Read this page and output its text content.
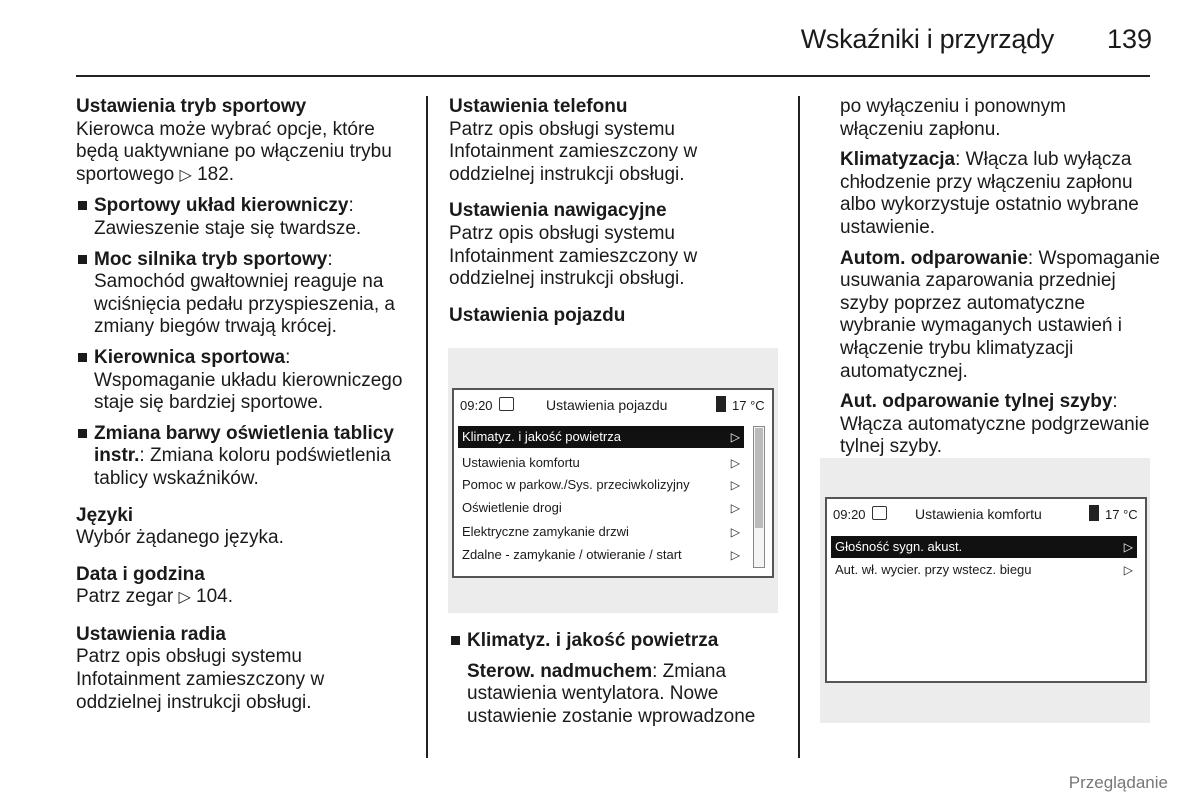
Wskaźniki i przyrządy 139

Ustawienia tryb sportowy

Kierowca może wybrać opcje, które będą uaktywniane po włączeniu trybu sportowego ▷ 182.

Sportowy układ kierowniczy: Zawieszenie staje się twardsze.
Moc silnika tryb sportowy: Samochód gwałtowniej reaguje na wciśnięcia pedału przyspieszenia, a zmiany biegów trwają krócej.
Kierownica sportowa: Wspomaganie układu kierowniczego staje się bardziej sportowe.
Zmiana barwy oświetlenia tablicy instr.: Zmiana koloru podświetlenia tablicy wskaźników.

Języki

Wybór żądanego języka.

Data i godzina

Patrz zegar ▷ 104.

Ustawienia radia

Patrz opis obsługi systemu Infotainment zamieszczony w oddzielnej instrukcji obsługi.

Ustawienia telefonu

Patrz opis obsługi systemu Infotainment zamieszczony w oddzielnej instrukcji obsługi.

Ustawienia nawigacyjne

Patrz opis obsługi systemu Infotainment zamieszczony w oddzielnej instrukcji obsługi.

Ustawienia pojazdu

09:20	Ustawienia pojazdu	17 °C
Klimatyz. i jakość powietrza	▷
Ustawienia komfortu	▷
Pomoc w parkow./Sys. przeciwkolizyjny	▷
Oświetlenie drogi	▷
Elektryczne zamykanie drzwi	▷
Zdalne - zamykanie / otwieranie / start	▷
Klimatyz. i jakość powietrza

Sterow. nadmuchem: Zmiana ustawienia wentylatora. Nowe ustawienie zostanie wprowadzone

po wyłączeniu i ponownym włączeniu zapłonu.

Klimatyzacja: Włącza lub wyłącza chłodzenie przy włączeniu zapłonu albo wykorzystuje ostatnio wybrane ustawienie.

Autom. odparowanie: Wspomaganie usuwania zaparowania przedniej szyby poprzez automatyczne wybranie wymaganych ustawień i włączenie trybu klimatyzacji automatycznej.

Aut. odparowanie tylnej szyby: Włącza automatyczne podgrzewanie tylnej szyby.

09:20	Ustawienia komfortu	17 °C
Głośność sygn. akust.	▷
Aut. wł. wycier. przy wstecz. biegu	▷
Przeglądanie
